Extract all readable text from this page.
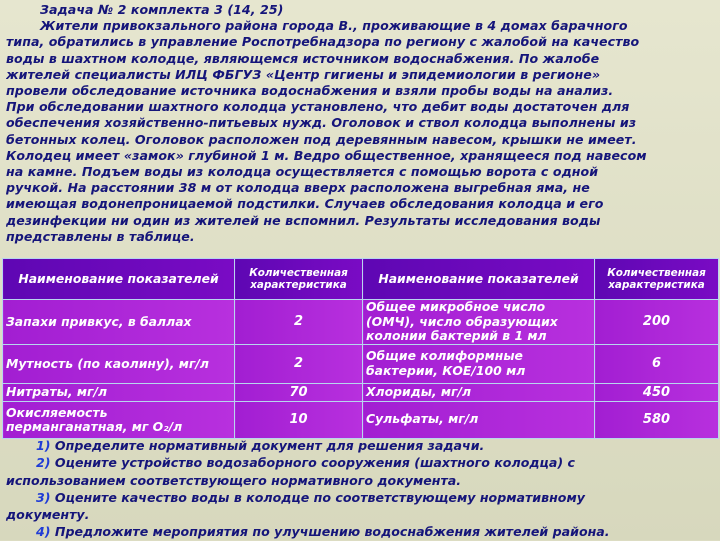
Задача № 2 комплекта 3 (14, 25)
Жители привокзального района города В., проживающие в 4 домах барачного
типа, обратились в управление Роспотребнадзора по региону с жалобой на качество
воды в шахтном колодце, являющемся источником водоснабжения. По жалобе
жителей специалисты ИЛЦ ФБГУЗ «Центр гигиены и эпидемиологии в регионе»
провели обследование источника водоснабжения и взяли пробы воды на анализ.
При обследовании шахтного колодца установлено, что дебит воды достаточен для
обеспечения хозяйственно-питьевых нужд. Оголовок и ствол колодца выполнены из
бетонных колец. Оголовок расположен под деревянным навесом, крышки не имеет.
Колодец имеет «замок» глубиной 1 м. Ведро общественное, хранящееся под навесом
на камне. Подъем воды из колодца осуществляется с помощью ворота с одной
ручкой. На расстоянии 38 м от колодца вверх расположена выгребная яма, не
имеющая водонепроницаемой подстилки. Случаев обследования колодца и его
дезинфекции ни один из жителей не вспомнил. Результаты исследования воды
представлены в таблице.
Наименование показателей	Количественная характеристика	Наименование показателей	Количественная характеристика
Запахи привкус, в баллах	2	Общее микробное число (ОМЧ), число образующих колонии бактерий в 1 мл	200
Мутность (по каолину), мг/л	2	Общие колиформные бактерии, КОЕ/100 мл	6
Нитраты, мг/л	70	Хлориды, мг/л	450
Окисляемость перманганатная, мг O₂/л	10	Сульфаты, мг/л	580
1) Определите нормативный документ для решения задачи.
2) Оцените устройство водозаборного сооружения (шахтного колодца) с
использованием соответствующего нормативного документа.
3) Оцените качество воды в колодце по соответствующему нормативному
документу.
4) Предложите мероприятия по улучшению водоснабжения жителей района.
